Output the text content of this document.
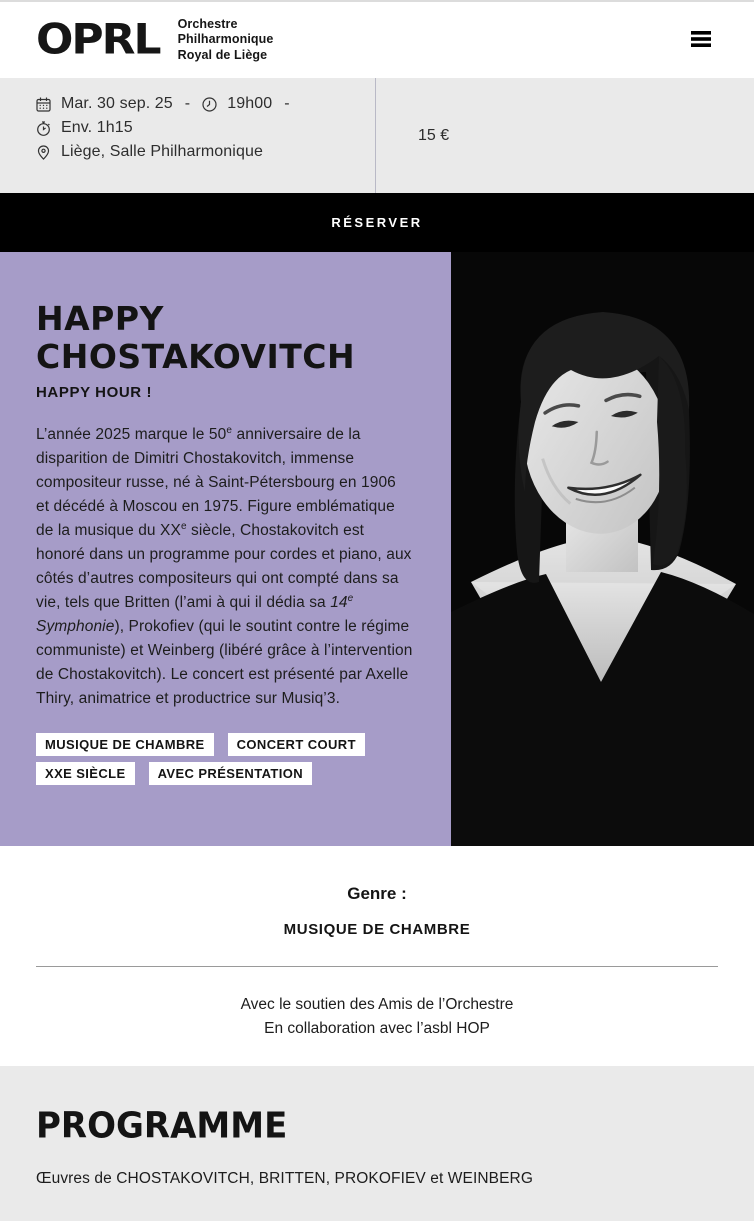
OPRL Orchestre
Philharmonique
Royal de Liège
Mar. 30 sep. 25 - 19h00 -
Env. 1h15
Liège, Salle Philharmonique
15 €
RÉSERVER
HAPPY
CHOSTAKOVITCH
HAPPY HOUR !

L’année 2025 marque le 50e anniversaire de la disparition de Dimitri Chostakovitch, immense compositeur russe, né à Saint-Pétersbourg en 1906 et décédé à Moscou en 1975. Figure emblématique de la musique du XXe siècle, Chostakovitch est honoré dans un programme pour cordes et piano, aux côtés d’autres compositeurs qui ont compté dans sa vie, tels que Britten (l’ami à qui il dédia sa 14e Symphonie), Prokofiev (qui le soutint contre le régime communiste) et Weinberg (libéré grâce à l’intervention de Chostakovitch). Le concert est présenté par Axelle Thiry, animatrice et productrice sur Musiq’3.

MUSIQUE DE CHAMBRE	CONCERT COURT
XXE SIÈCLE	AVEC PRÉSENTATION
Genre :
MUSIQUE DE CHAMBRE
Avec le soutien des Amis de l’Orchestre
En collaboration avec l’asbl HOP
PROGRAMME
Œuvres de CHOSTAKOVITCH, BRITTEN, PROKOFIEV et WEINBERG
